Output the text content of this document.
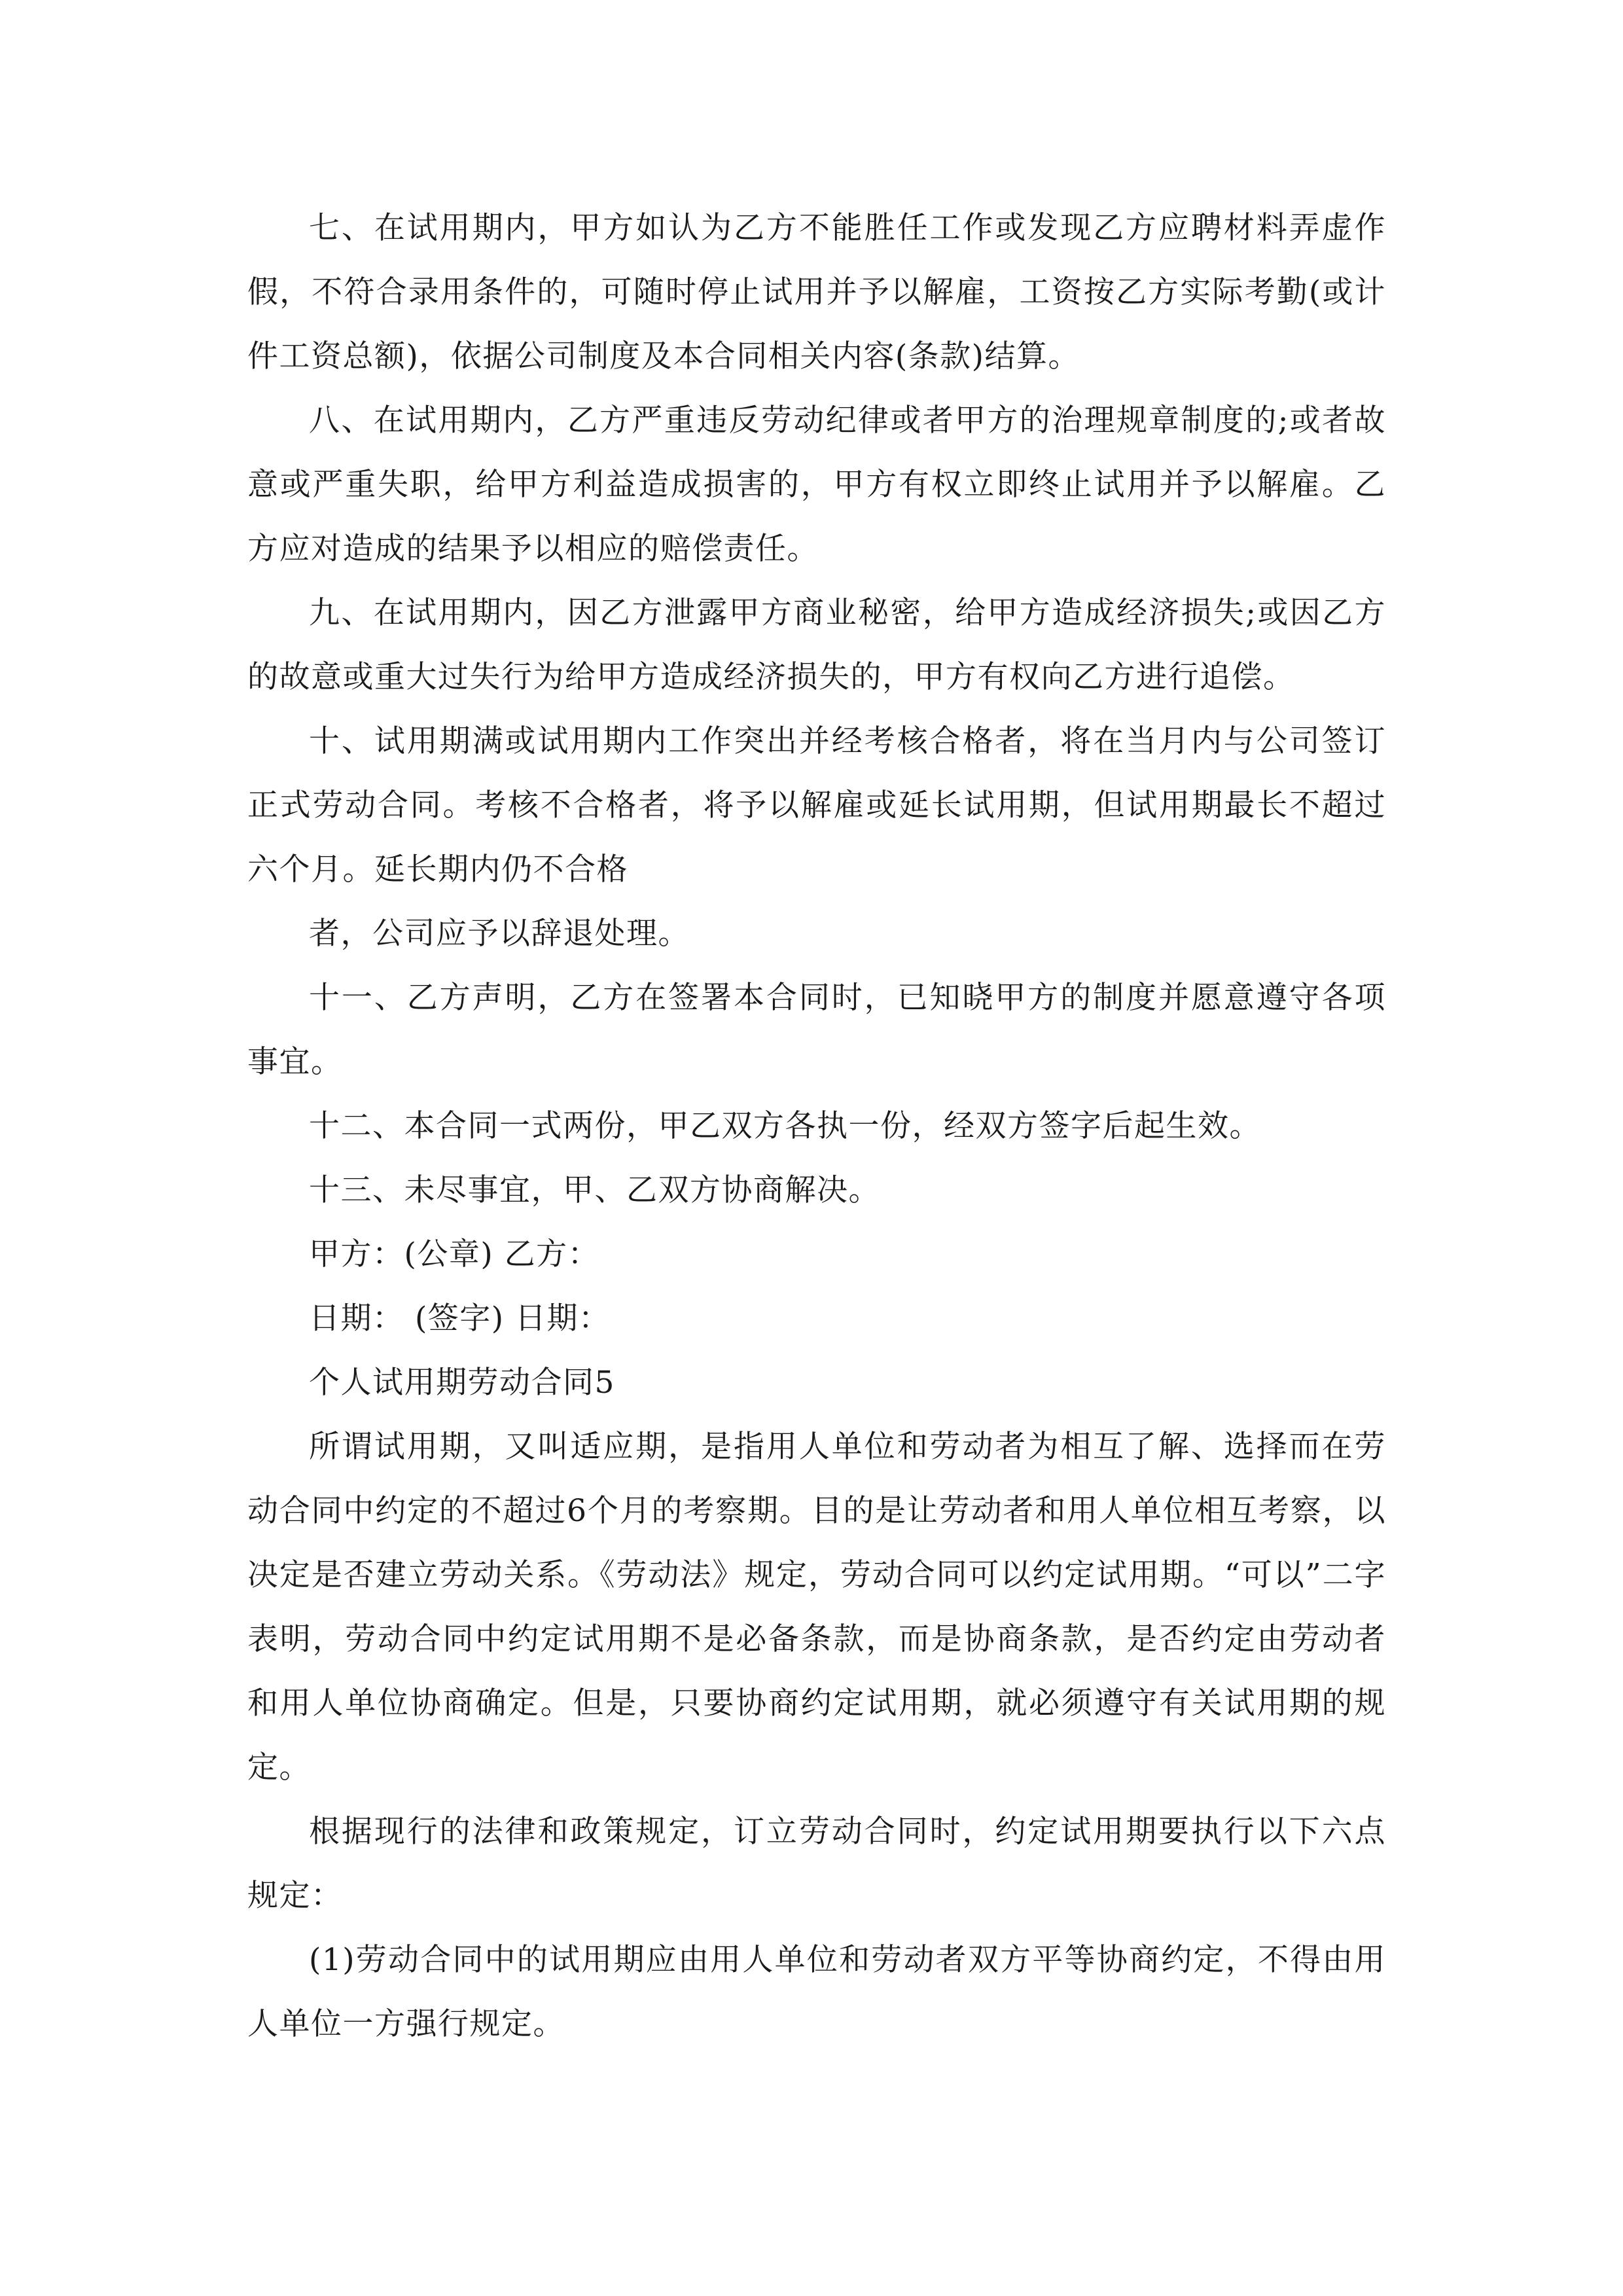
七、在试用期内，甲方如认为乙方不能胜任工作或发现乙方应聘材料弄虚作假，不符合录用条件的，可随时停止试用并予以解雇，工资按乙方实际考勤(或计件工资总额)，依据公司制度及本合同相关内容(条款)结算。

八、在试用期内，乙方严重违反劳动纪律或者甲方的治理规章制度的;或者故意或严重失职，给甲方利益造成损害的，甲方有权立即终止试用并予以解雇。乙方应对造成的结果予以相应的赔偿责任。

九、在试用期内，因乙方泄露甲方商业秘密，给甲方造成经济损失;或因乙方的故意或重大过失行为给甲方造成经济损失的，甲方有权向乙方进行追偿。

十、试用期满或试用期内工作突出并经考核合格者，将在当月内与公司签订正式劳动合同。考核不合格者，将予以解雇或延长试用期，但试用期最长不超过六个月。延长期内仍不合格

者，公司应予以辞退处理。

十一、乙方声明，乙方在签署本合同时，已知晓甲方的制度并愿意遵守各项事宜。

十二、本合同一式两份，甲乙双方各执一份，经双方签字后起生效。

十三、未尽事宜，甲、乙双方协商解决。

甲方：(公章) 乙方：

日期： (签字) 日期：

个人试用期劳动合同5

所谓试用期，又叫适应期，是指用人单位和劳动者为相互了解、选择而在劳动合同中约定的不超过6个月的考察期。目的是让劳动者和用人单位相互考察，以决定是否建立劳动关系。《劳动法》规定，劳动合同可以约定试用期。“可以”二字表明，劳动合同中约定试用期不是必备条款，而是协商条款，是否约定由劳动者和用人单位协商确定。但是，只要协商约定试用期，就必须遵守有关试用期的规定。

根据现行的法律和政策规定，订立劳动合同时，约定试用期要执行以下六点规定：

(1)劳动合同中的试用期应由用人单位和劳动者双方平等协商约定，不得由用人单位一方强行规定。
